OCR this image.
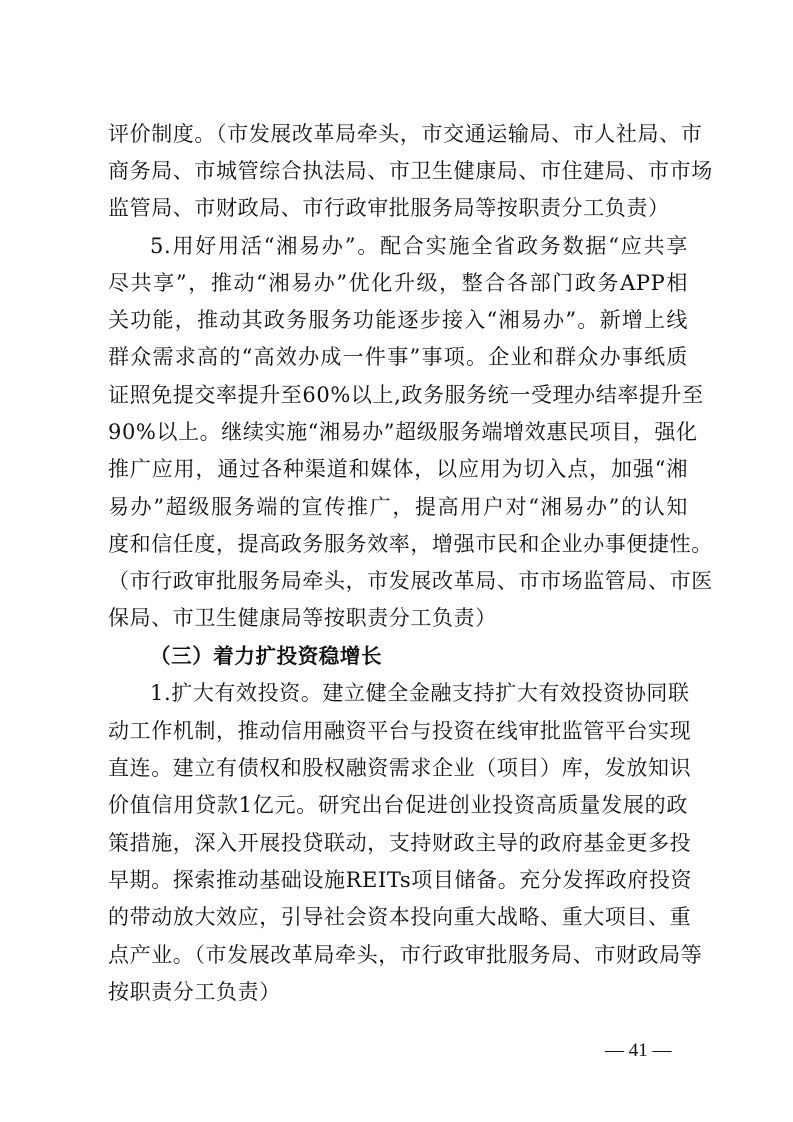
评价制度。（市发展改革局牵头，市交通运输局、市人社局、市
商务局、市城管综合执法局、市卫生健康局、市住建局、市市场
监管局、市财政局、市行政审批服务局等按职责分工负责）
5.用好用活“湘易办”。配合实施全省政务数据“应共享
尽共享”，推动“湘易办”优化升级，整合各部门政务APP相
关功能，推动其政务服务功能逐步接入“湘易办”。新增上线
群众需求高的“高效办成一件事”事项。企业和群众办事纸质
证照免提交率提升至60%以上,政务服务统一受理办结率提升至
90%以上。继续实施“湘易办”超级服务端增效惠民项目，强化
推广应用，通过各种渠道和媒体，以应用为切入点，加强“湘
易办”超级服务端的宣传推广，提高用户对“湘易办”的认知
度和信任度，提高政务服务效率，增强市民和企业办事便捷性。
（市行政审批服务局牵头，市发展改革局、市市场监管局、市医
保局、市卫生健康局等按职责分工负责）
（三）着力扩投资稳增长
1.扩大有效投资。建立健全金融支持扩大有效投资协同联
动工作机制，推动信用融资平台与投资在线审批监管平台实现
直连。建立有债权和股权融资需求企业（项目）库，发放知识
价值信用贷款1亿元。研究出台促进创业投资高质量发展的政
策措施，深入开展投贷联动，支持财政主导的政府基金更多投
早期。探索推动基础设施REITs项目储备。充分发挥政府投资
的带动放大效应，引导社会资本投向重大战略、重大项目、重
点产业。（市发展改革局牵头，市行政审批服务局、市财政局等
按职责分工负责）
— 41 —
